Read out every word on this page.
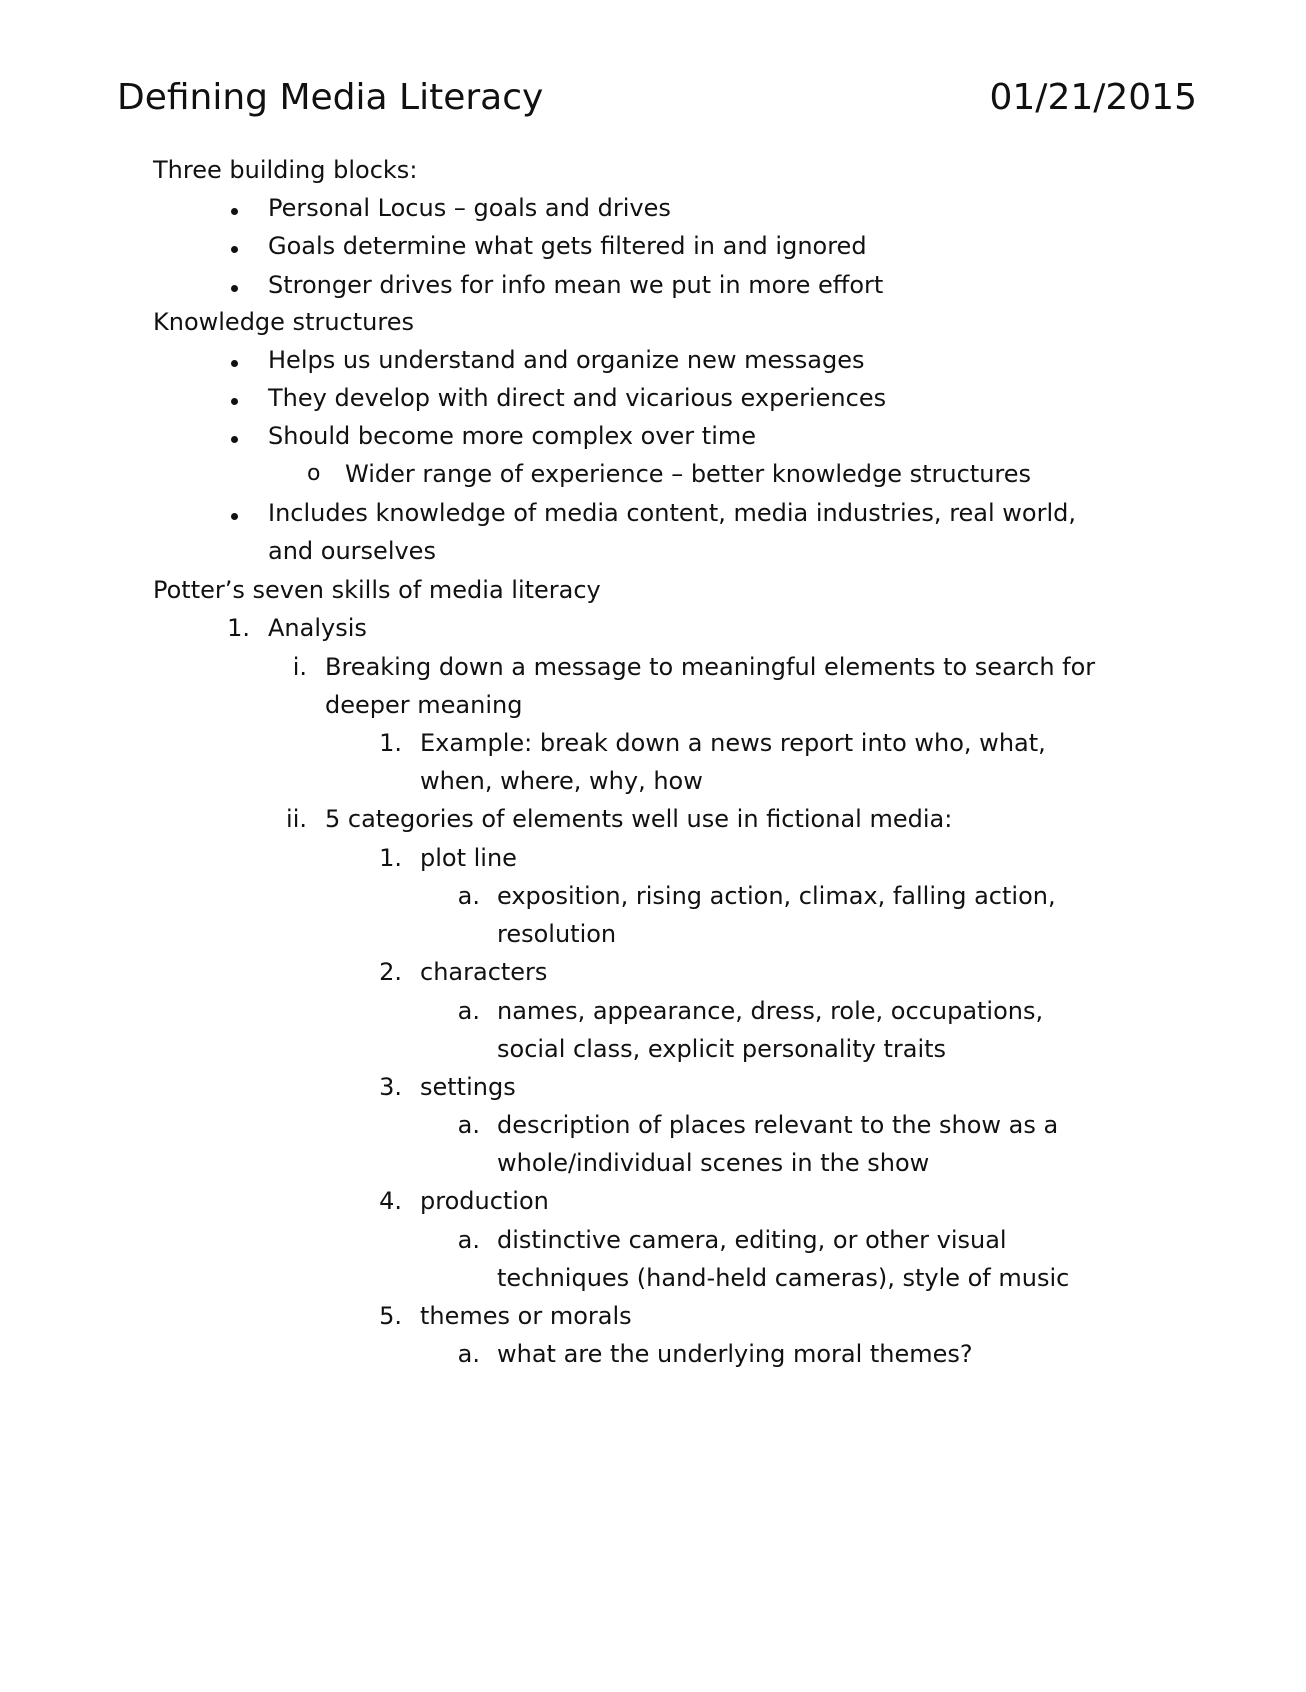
Defining Media Literacy	01/21/2015
Three building blocks:
Personal Locus – goals and drives
Goals determine what gets filtered in and ignored
Stronger drives for info mean we put in more effort
Knowledge structures
Helps us understand and organize new messages
They develop with direct and vicarious experiences
Should become more complex over time
o Wider range of experience – better knowledge structures
Includes knowledge of media content, media industries, real world,
and ourselves
Potter’s seven skills of media literacy
1. Analysis
i. Breaking down a message to meaningful elements to search for
deeper meaning
1. Example: break down a news report into who, what,
when, where, why, how
ii. 5 categories of elements well use in fictional media:
1. plot line
a. exposition, rising action, climax, falling action,
resolution
2. characters
a. names, appearance, dress, role, occupations,
social class, explicit personality traits
3. settings
a. description of places relevant to the show as a
whole/individual scenes in the show
4. production
a. distinctive camera, editing, or other visual
techniques (hand-held cameras), style of music
5. themes or morals
a. what are the underlying moral themes?
